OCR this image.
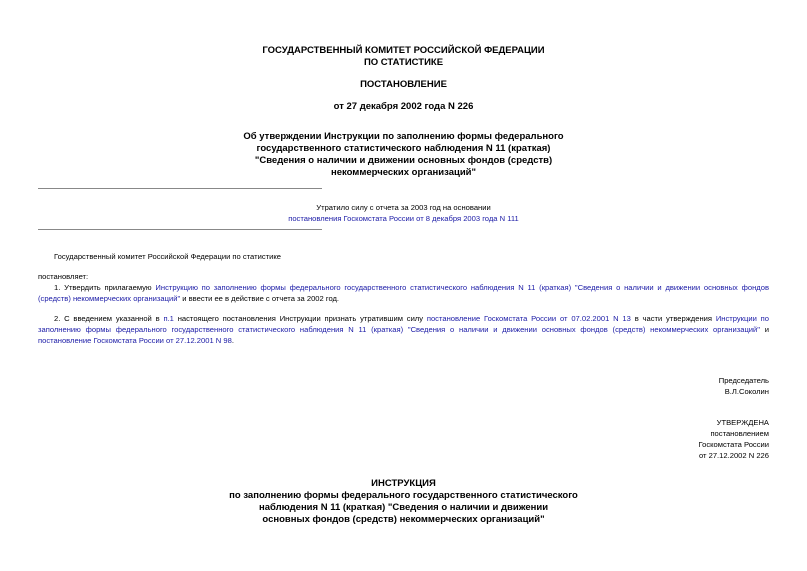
ГОСУДАРСТВЕННЫЙ КОМИТЕТ РОССИЙСКОЙ ФЕДЕРАЦИИ
ПО СТАТИСТИКЕ
ПОСТАНОВЛЕНИЕ
от 27 декабря 2002 года N 226
Об утверждении Инструкции по заполнению формы федерального
государственного статистического наблюдения N 11 (краткая)
"Сведения о наличии и движении основных фондов (средств)
некоммерческих организаций"
Утратило силу с отчета за 2003 год на основании
постановления Госкомстата России от 8 декабря 2003 года N 111
Государственный комитет Российской Федерации по статистике
постановляет:
1. Утвердить прилагаемую Инструкцию по заполнению формы федерального государственного статистического наблюдения N 11 (краткая) "Сведения о наличии и движении основных фондов (средств) некоммерческих организаций" и ввести ее в действие с отчета за 2002 год.
2. С введением указанной в п.1 настоящего постановления Инструкции признать утратившим силу постановление Госкомстата России от 07.02.2001 N 13 в части утверждения Инструкции по заполнению формы федерального государственного статистического наблюдения N 11 (краткая) "Сведения о наличии и движении основных фондов (средств) некоммерческих организаций" и постановление Госкомстата России от 27.12.2001 N 98.
Председатель
В.Л.Соколин
УТВЕРЖДЕНА
постановлением
Госкомстата России
от 27.12.2002 N 226
ИНСТРУКЦИЯ
по заполнению формы федерального государственного статистического
наблюдения N 11 (краткая) "Сведения о наличии и движении
основных фондов (средств) некоммерческих организаций"
